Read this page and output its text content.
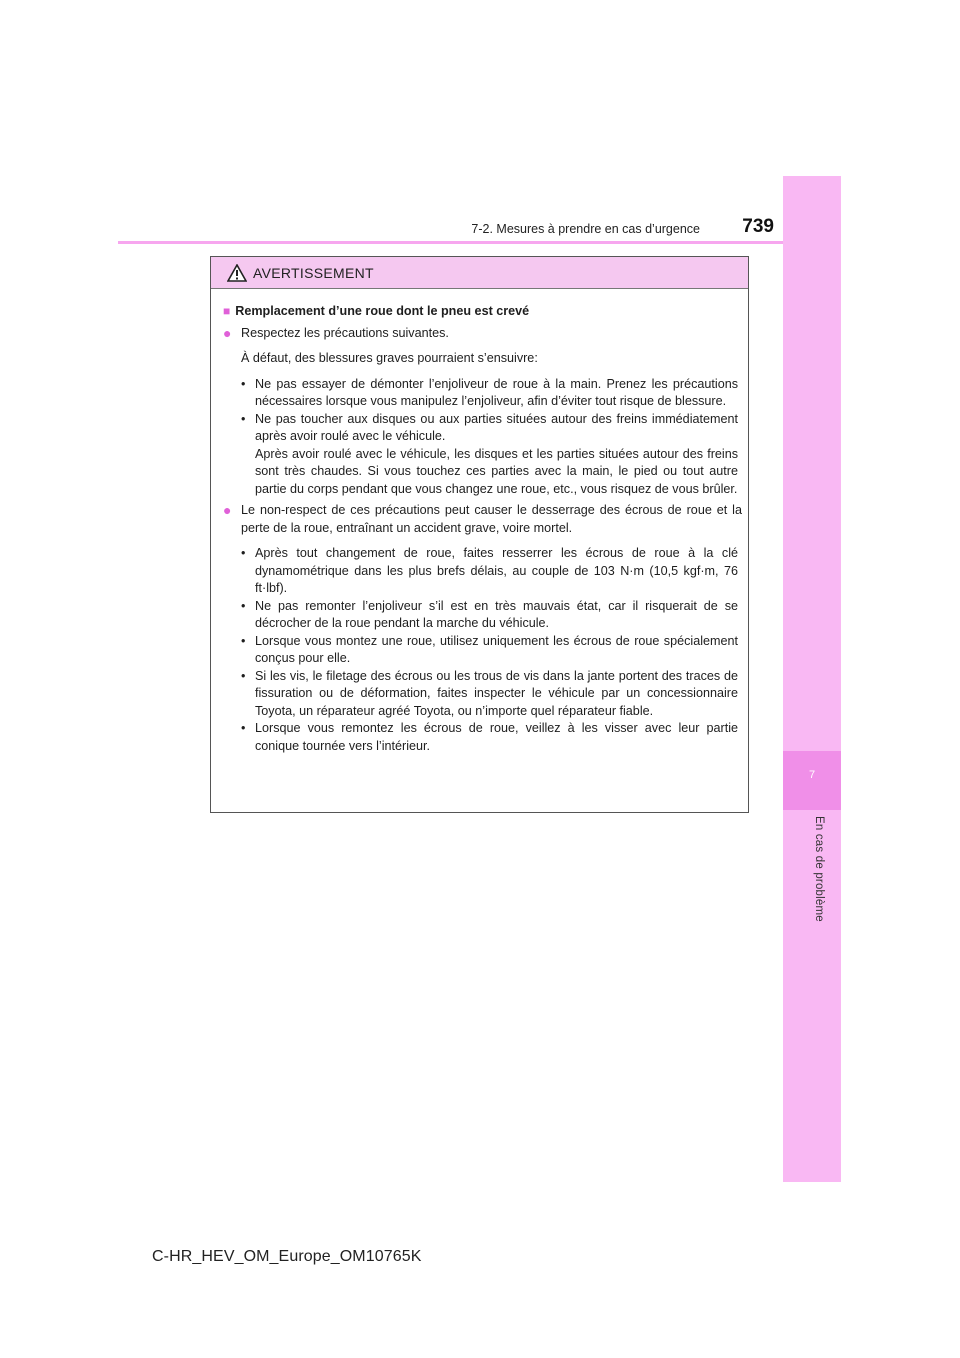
7-2. Mesures à prendre en cas d’urgence 739
7
En cas de problème
AVERTISSEMENT
■ Remplacement d’une roue dont le pneu est crevé
● Respectez les précautions suivantes.
À défaut, des blessures graves pourraient s’ensuivre:
• Ne pas essayer de démonter l’enjoliveur de roue à la main. Prenez les précautions nécessaires lorsque vous manipulez l’enjoliveur, afin d’éviter tout risque de blessure.
• Ne pas toucher aux disques ou aux parties situées autour des freins immédiatement après avoir roulé avec le véhicule.
Après avoir roulé avec le véhicule, les disques et les parties situées autour des freins sont très chaudes. Si vous touchez ces parties avec la main, le pied ou tout autre partie du corps pendant que vous changez une roue, etc., vous risquez de vous brûler.
● Le non-respect de ces précautions peut causer le desserrage des écrous de roue et la perte de la roue, entraînant un accident grave, voire mortel.
• Après tout changement de roue, faites resserrer les écrous de roue à la clé dynamométrique dans les plus brefs délais, au couple de 103 N·m (10,5 kgf·m, 76 ft·lbf).
• Ne pas remonter l’enjoliveur s’il est en très mauvais état, car il risquerait de se décrocher de la roue pendant la marche du véhicule.
• Lorsque vous montez une roue, utilisez uniquement les écrous de roue spécialement conçus pour elle.
• Si les vis, le filetage des écrous ou les trous de vis dans la jante portent des traces de fissuration ou de déformation, faites inspecter le véhicule par un concessionnaire Toyota, un réparateur agréé Toyota, ou n’importe quel réparateur fiable.
• Lorsque vous remontez les écrous de roue, veillez à les visser avec leur partie conique tournée vers l’intérieur.
C-HR_HEV_OM_Europe_OM10765K
